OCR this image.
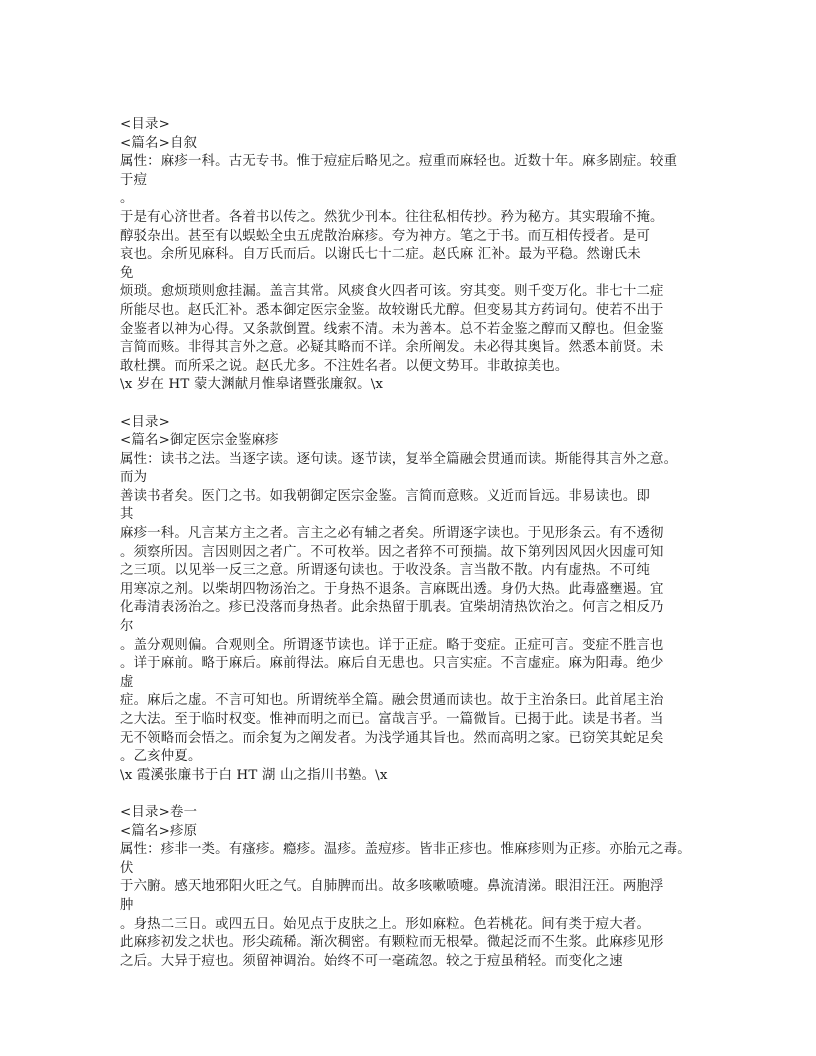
<目录>
<篇名>自叙
属性：麻疹一科。古无专书。惟于痘症后略见之。痘重而麻轻也。近数十年。麻多剧症。较重
于痘
。
于是有心济世者。各着书以传之。然犹少刊本。往往私相传抄。矜为秘方。其实瑕瑜不掩。
醇驳杂出。甚至有以蜈蚣全虫五虎散治麻疹。夸为神方。笔之于书。而互相传授者。是可
哀也。余所见麻科。自万氏而后。以谢氏七十二症。赵氏麻 汇补。最为平稳。然谢氏未
免
烦琐。愈烦琐则愈挂漏。盖言其常。风痰食火四者可该。穷其变。则千变万化。非七十二症
所能尽也。赵氏汇补。悉本御定医宗金鉴。故较谢氏尤醇。但变易其方药词句。使若不出于
金鉴者以神为心得。又条款倒置。线索不清。未为善本。总不若金鉴之醇而又醇也。但金鉴
言简而赅。非得其言外之意。必疑其略而不详。余所阐发。未必得其奥旨。然悉本前贤。未
敢杜撰。而所采之说。赵氏尤多。不注姓名者。以便文势耳。非敢掠美也。
\x 岁在 HT 蒙大渊献月惟皋诸暨张廉叙。\x
<目录>
<篇名>御定医宗金鉴麻疹
属性：读书之法。当逐字读。逐句读。逐节读，复举全篇融会贯通而读。斯能得其言外之意。
而为
善读书者矣。医门之书。如我朝御定医宗金鉴。言简而意赅。义近而旨远。非易读也。即
其
麻疹一科。凡言某方主之者。言主之必有辅之者矣。所谓逐字读也。于见形条云。有不透彻
。须察所因。言因则因之者广。不可枚举。因之者猝不可预揣。故下第列因风因火因虚可知
之三项。以见举一反三之意。所谓逐句读也。于收没条。言当散不散。内有虚热。不可纯
用寒凉之剂。以柴胡四物汤治之。于身热不退条。言麻既出透。身仍大热。此毒盛壅遏。宜
化毒清表汤治之。疹已没落而身热者。此余热留于肌表。宜柴胡清热饮治之。何言之相反乃
尔
。盖分观则偏。合观则全。所谓逐节读也。详于正症。略于变症。正症可言。变症不胜言也
。详于麻前。略于麻后。麻前得法。麻后自无患也。只言实症。不言虚症。麻为阳毒。绝少
虚
症。麻后之虚。不言可知也。所谓统举全篇。融会贯通而读也。故于主治条曰。此首尾主治
之大法。至于临时权变。惟神而明之而已。富哉言乎。一篇微旨。已揭于此。读是书者。当
无不领略而会悟之。而余复为之阐发者。为浅学通其旨也。然而高明之家。已窃笑其蛇足矣
。乙亥仲夏。
\x 霞溪张廉书于白 HT 湖 山之指川书塾。\x
<目录>卷一
<篇名>疹原
属性：疹非一类。有瘙疹。瘾疹。温疹。盖痘疹。皆非正疹也。惟麻疹则为正疹。亦胎元之毒。
伏
于六腑。感天地邪阳火旺之气。自肺脾而出。故多咳嗽喷嚏。鼻流清涕。眼泪汪汪。两胞浮
肿
。身热二三日。或四五日。始见点于皮肤之上。形如麻粒。色若桃花。间有类于痘大者。
此麻疹初发之状也。形尖疏稀。渐次稠密。有颗粒而无根晕。微起泛而不生浆。此麻疹见形
之后。大异于痘也。须留神调治。始终不可一毫疏忽。较之于痘虽稍轻。而变化之速
